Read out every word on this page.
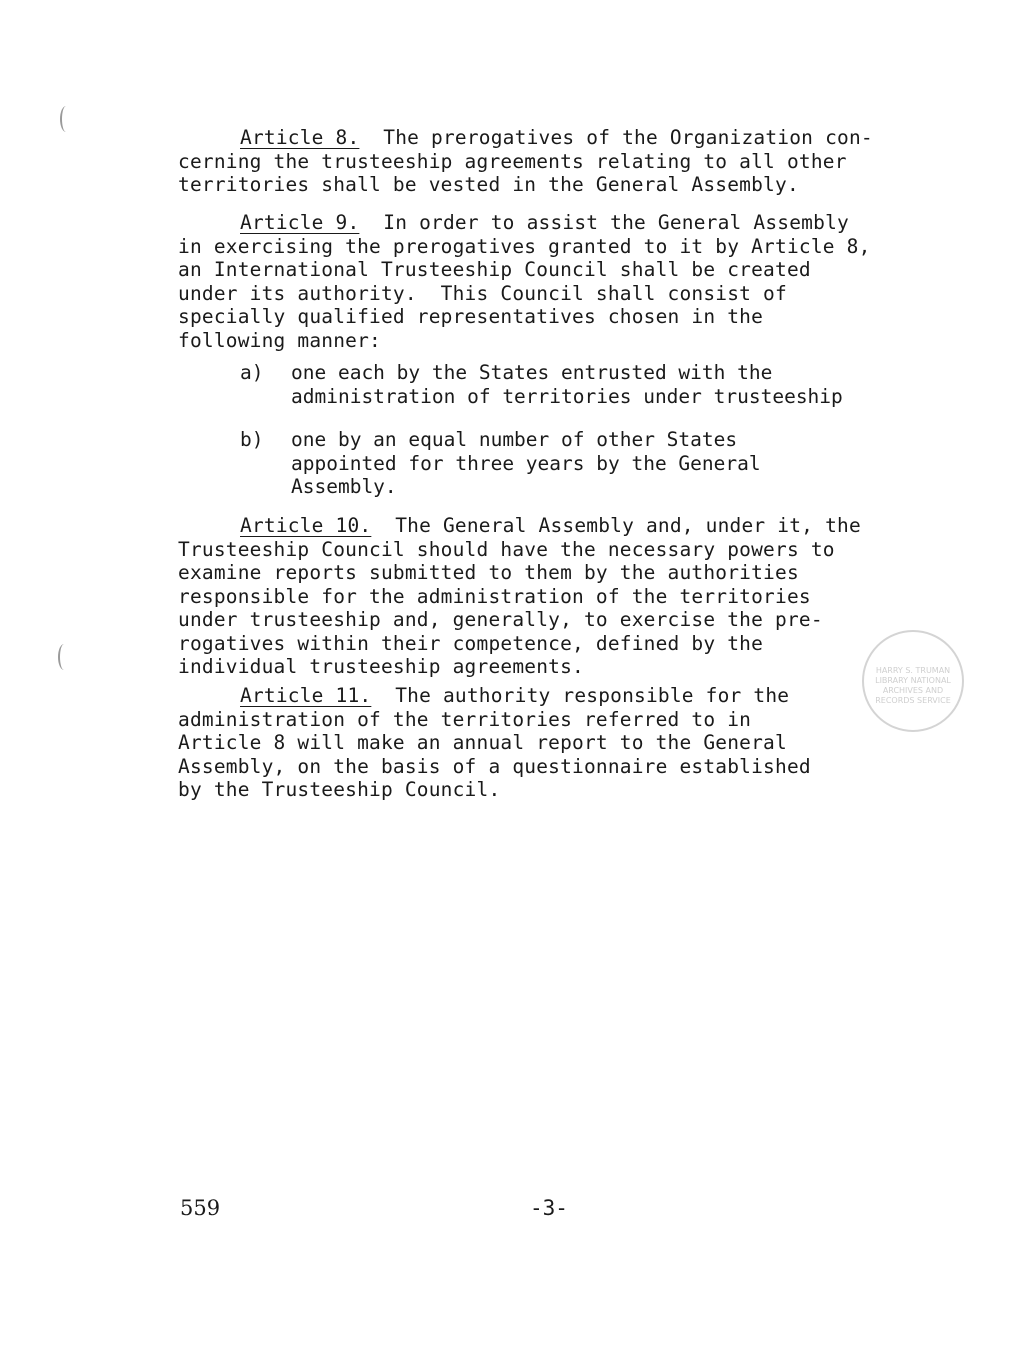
Article 8.  The prerogatives of the Organization con-
cerning the trusteeship agreements relating to all other
territories shall be vested in the General Assembly.
Article 9.  In order to assist the General Assembly
in exercising the prerogatives granted to it by Article 8,
an International Trusteeship Council shall be created
under its authority.  This Council shall consist of
specially qualified representatives chosen in the
following manner:
a) one each by the States entrusted with the
administration of territories under trusteeship
b) one by an equal number of other States
appointed for three years by the General
Assembly.
Article 10.  The General Assembly and, under it, the
Trusteeship Council should have the necessary powers to
examine reports submitted to them by the authorities
responsible for the administration of the territories
under trusteeship and, generally, to exercise the pre-
rogatives within their competence, defined by the
individual trusteeship agreements.	HARRY S. TRUMAN LIBRARY NATIONAL ARCHIVES AND RECORDS SERVICE
Article 11.  The authority responsible for the
administration of the territories referred to in
Article 8 will make an annual report to the General
Assembly, on the basis of a questionnaire established
by the Trusteeship Council.
559	-3-
